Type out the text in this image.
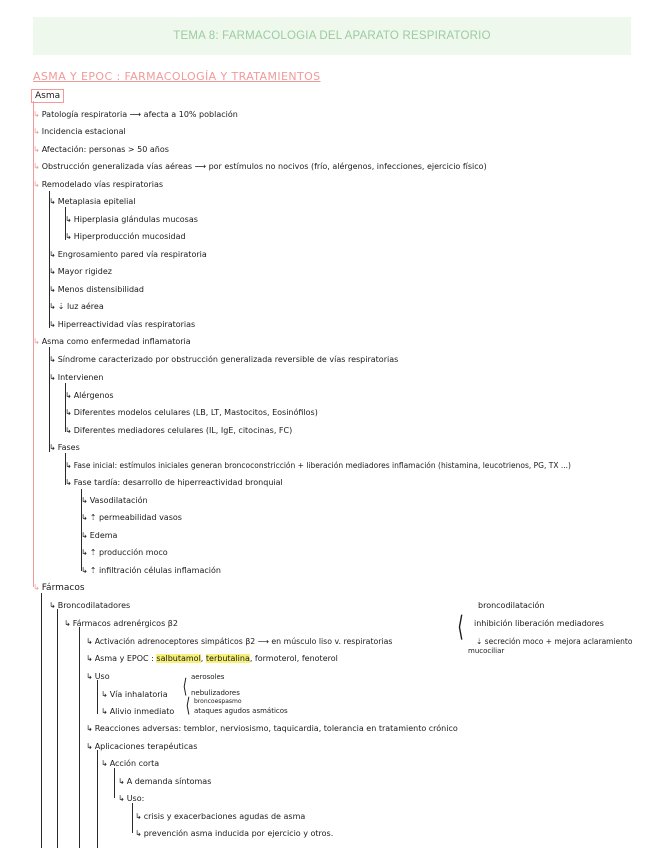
TEMA 8: FARMACOLOGIA DEL APARATO RESPIRATORIO
ASMA Y EPOC : FARMACOLOGÍA Y TRATAMIENTOS
Asma
↳ Patología respiratoria ⟶ afecta a 10% población
↳ Incidencia estacional
↳ Afectación: personas > 50 años
↳ Obstrucción generalizada vías aéreas ⟶ por estímulos no nocivos (frío, alérgenos, infecciones, ejercicio físico)
↳ Remodelado vías respiratorias
↳ Metaplasia epitelial
↳ Hiperplasia glándulas mucosas
↳ Hiperproducción mucosidad
↳ Engrosamiento pared vía respiratoria
↳ Mayor rigidez
↳ Menos distensibilidad
↳ ⇣ luz aérea
↳ Hiperreactividad vías respiratorias
↳ Asma como enfermedad inflamatoria
↳ Síndrome caracterizado por obstrucción generalizada reversible de vías respiratorias
↳ Intervienen
↳ Alérgenos
↳ Diferentes modelos celulares (LB, LT, Mastocitos, Eosinófilos)
↳ Diferentes mediadores celulares (IL, IgE, citocinas, FC)
↳ Fases
↳ Fase inicial: estímulos iniciales generan broncoconstricción + liberación mediadores inflamación (histamina, leucotrienos, PG, TX ...)
↳ Fase tardía: desarrollo de hiperreactividad bronquial
↳ Vasodilatación
↳ ⇡ permeabilidad vasos
↳ Edema
↳ ⇡ producción moco
↳ ⇡ infiltración células inflamación
↳ Fármacos
↳ Broncodilatadores
↳ Fármacos adrenérgicos β2
↳ Activación adrenoceptores simpáticos β2 ⟶ en músculo liso v. respiratorias
↳ Asma y EPOC : salbutamol, terbutalina, formoterol, fenoterol
↳ Uso
↳ Vía inhalatoria
↳ Alivio inmediato
↳ Reacciones adversas: temblor, nerviosismo, taquicardia, tolerancia en tratamiento crónico
↳ Aplicaciones terapéuticas
↳ Acción corta
↳ A demanda síntomas
↳ Uso:
↳ crisis y exacerbaciones agudas de asma
↳ prevención asma inducida por ejercicio y otros.
broncodilatación
inhibición liberación mediadores
⇣ secreción moco + mejora aclaramiento
mucociliar
⟨
aerosoles
nebulizadores
⟨
broncoespasmo
ataques agudos asmáticos
⟨
